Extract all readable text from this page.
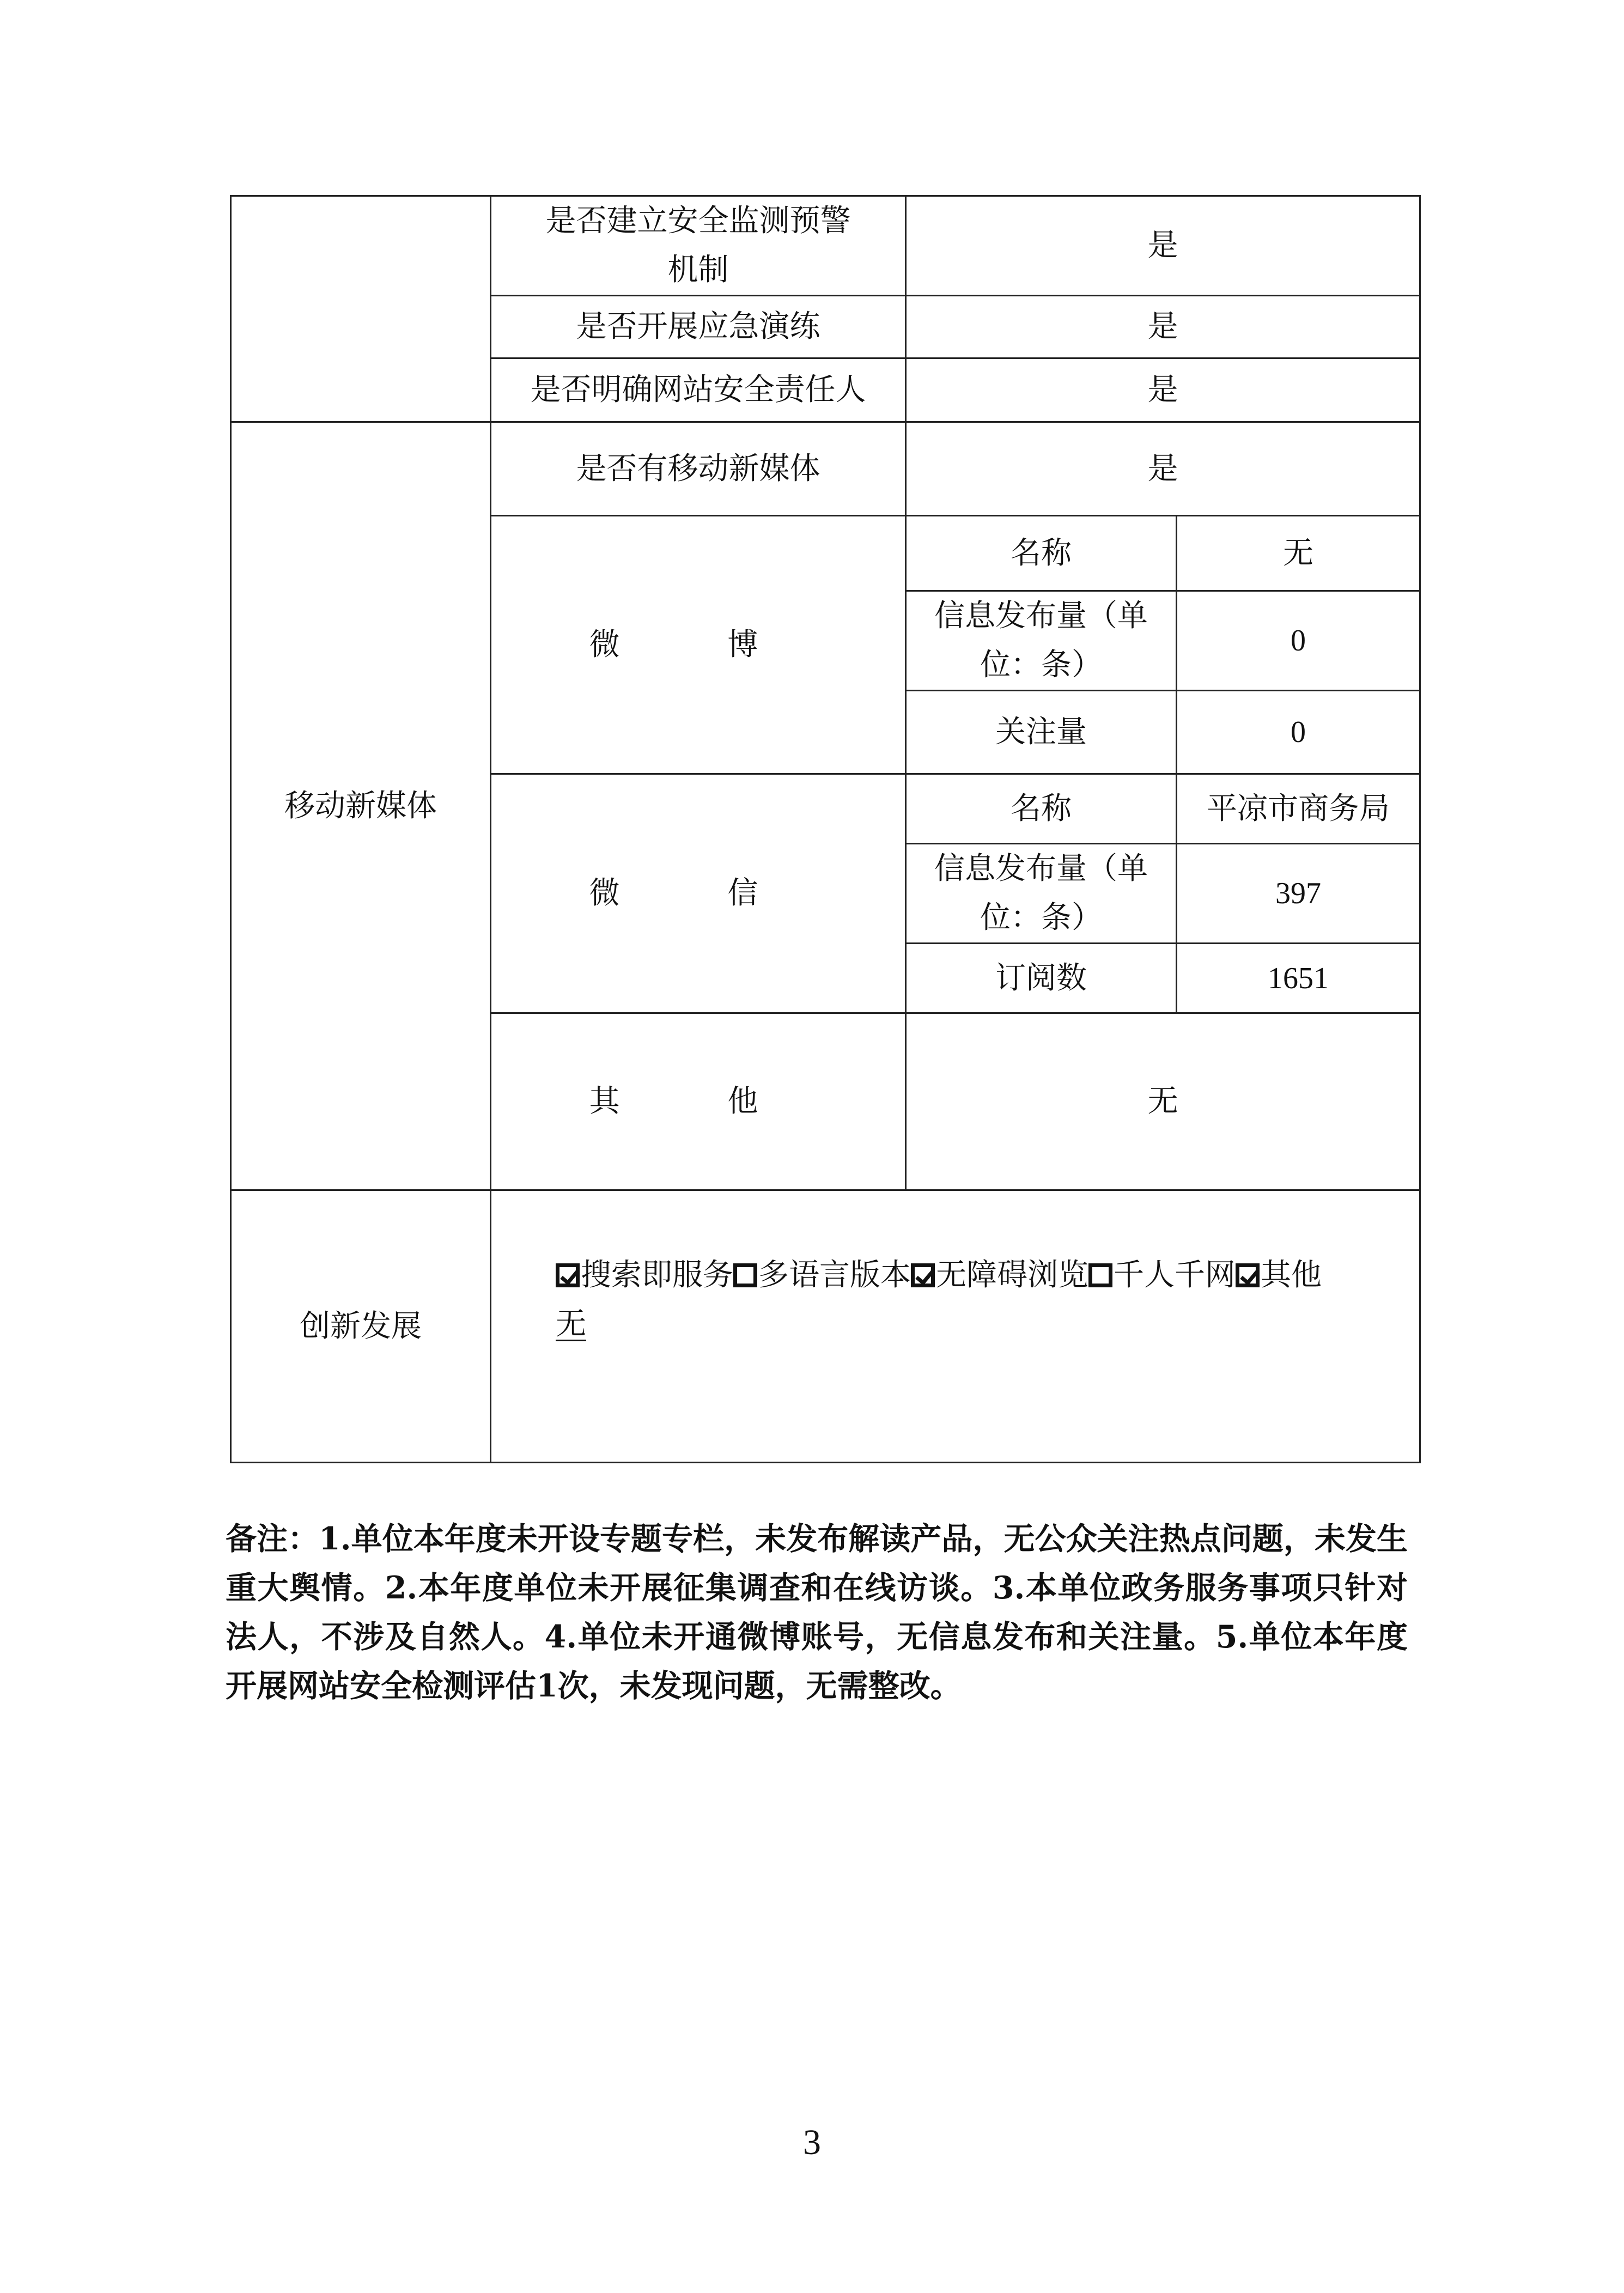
	是否建立安全监测预警机制	是	
	是否开展应急演练	是	
	是否明确网站安全责任人	是	
移动新媒体	是否有移动新媒体	是	
	微 博	名称	无
		信息发布量（单位：条）	0
		关注量	0
	微 信	名称	平凉市商务局
		信息发布量（单位：条）	397
		订阅数	1651
	其 他	无	
创新发展	搜索即服务 多语言版本 无障碍浏览 千人千网 其他
无		

备注：1.单位本年度未开设专题专栏，未发布解读产品，无公众关注热点问题，未发生重大舆情。2.本年度单位未开展征集调查和在线访谈。3.本单位政务服务事项只针对法人，不涉及自然人。4.单位未开通微博账号，无信息发布和关注量。5.单位本年度开展网站安全检测评估1次，未发现问题，无需整改。

3
